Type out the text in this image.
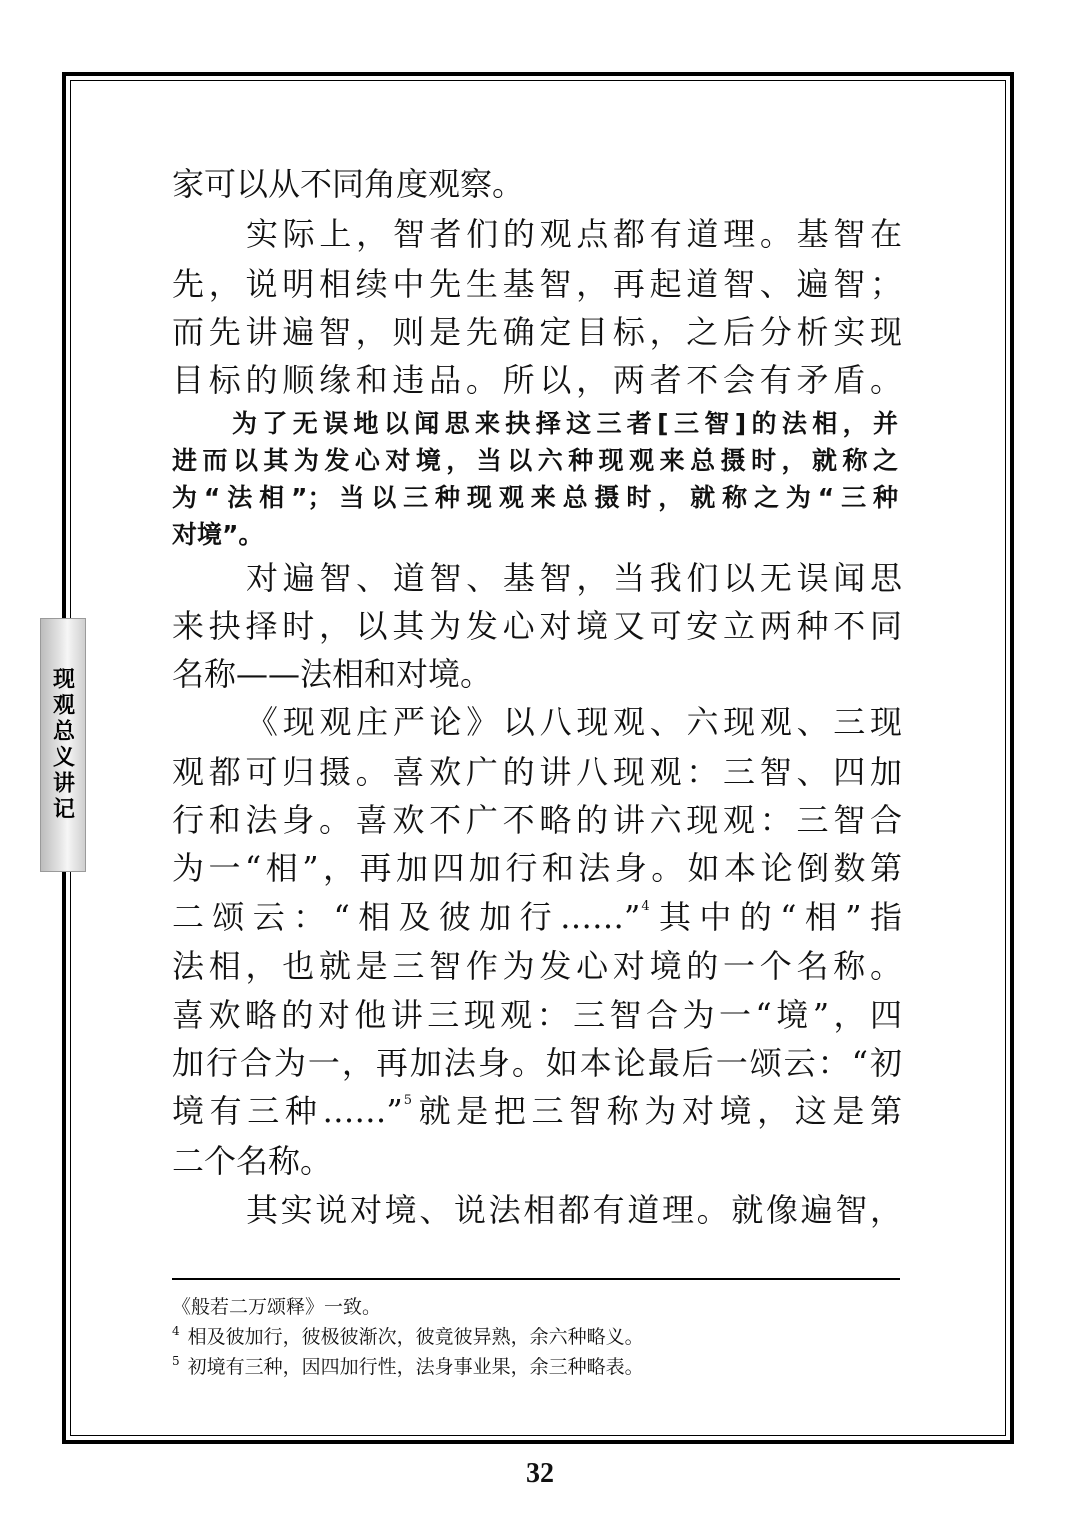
现观总义讲记
家可以从不同角度观察。
实际上，智者们的观点都有道理。基智在
先，说明相续中先生基智，再起道智、遍智；
而先讲遍智，则是先确定目标，之后分析实现
目标的顺缘和违品。所以，两者不会有矛盾。
为了无误地以闻思来抉择这三者[三智]的法相，并
进而以其为发心对境，当以六种现观来总摄时，就称之
为“法相”；当以三种现观来总摄时，就称之为“三种
对境”。
对遍智、道智、基智，当我们以无误闻思
来抉择时，以其为发心对境又可安立两种不同
名称——法相和对境。
《现观庄严论》以八现观、六现观、三现
观都可归摄。喜欢广的讲八现观：三智、四加
行和法身。喜欢不广不略的讲六现观：三智合
为一“相”，再加四加行和法身。如本论倒数第
二颂云：“相及彼加行……”$^4$其中的“相”指
法相，也就是三智作为发心对境的一个名称。
喜欢略的对他讲三现观：三智合为一“境”，四
加行合为一，再加法身。如本论最后一颂云：“初
境有三种……”$^5$就是把三智称为对境，这是第
二个名称。
其实说对境、说法相都有道理。就像遍智，
《般若二万颂释》一致。
$^4$ 相及彼加行，彼极彼渐次，彼竟彼异熟，余六种略义。
$^5$ 初境有三种，因四加行性，法身事业果，余三种略表。
32
